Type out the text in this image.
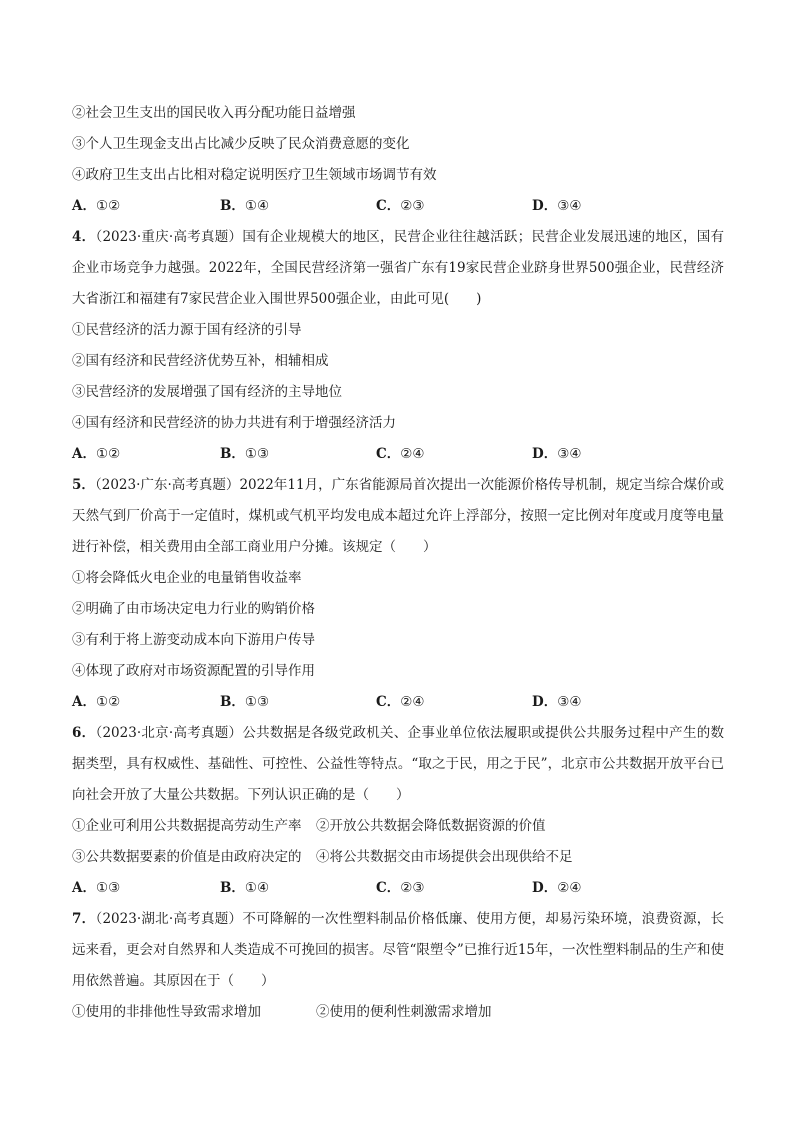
②社会卫生支出的国民收入再分配功能日益增强
③个人卫生现金支出占比减少反映了民众消费意愿的变化
④政府卫生支出占比相对稳定说明医疗卫生领域市场调节有效
A．①②	B．①④	C．②③	D．③④
4．（2023·重庆·高考真题）国有企业规模大的地区，民营企业往往越活跃；民营企业发展迅速的地区，国有企业市场竞争力越强。2022年，全国民营经济第一强省广东有19家民营企业跻身世界500强企业，民营经济大省浙江和福建有7家民营企业入围世界500强企业，由此可见(　　)
①民营经济的活力源于国有经济的引导
②国有经济和民营经济优势互补，相辅相成
③民营经济的发展增强了国有经济的主导地位
④国有经济和民营经济的协力共进有利于增强经济活力
A．①②	B．①③	C．②④	D．③④
5．（2023·广东·高考真题）2022年11月，广东省能源局首次提出一次能源价格传导机制，规定当综合煤价或天然气到厂价高于一定值时，煤机或气机平均发电成本超过允许上浮部分，按照一定比例对年度或月度等电量进行补偿，相关费用由全部工商业用户分摊。该规定（　　）
①将会降低火电企业的电量销售收益率
②明确了由市场决定电力行业的购销价格
③有利于将上游变动成本向下游用户传导
④体现了政府对市场资源配置的引导作用
A．①②	B．①③	C．②④	D．③④
6．（2023·北京·高考真题）公共数据是各级党政机关、企事业单位依法履职或提供公共服务过程中产生的数据类型，具有权威性、基础性、可控性、公益性等特点。“取之于民，用之于民”，北京市公共数据开放平台已向社会开放了大量公共数据。下列认识正确的是（　　）
①企业可利用公共数据提高劳动生产率	②开放公共数据会降低数据资源的价值
③公共数据要素的价值是由政府决定的	④将公共数据交由市场提供会出现供给不足
A．①③	B．①④	C．②③	D．②④
7．（2023·湖北·高考真题）不可降解的一次性塑料制品价格低廉、使用方便，却易污染环境，浪费资源，长远来看，更会对自然界和人类造成不可挽回的损害。尽管“限塑令”已推行近15年，一次性塑料制品的生产和使用依然普遍。其原因在于（　　）
①使用的非排他性导致需求增加	②使用的便利性刺激需求增加
